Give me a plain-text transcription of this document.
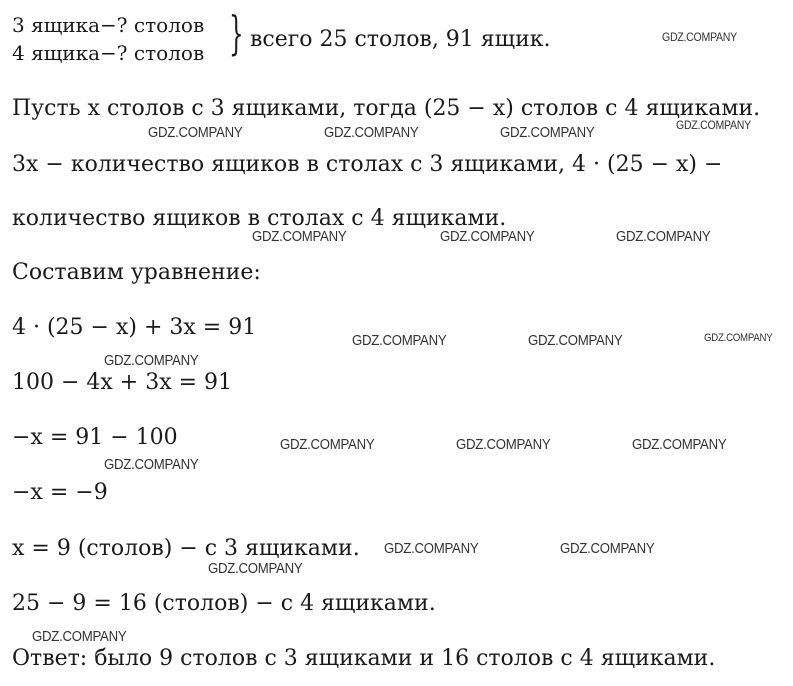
3 ящика−? столов
4 ящика−? столов } всего 25 столов, 91 ящик.
Пусть x столов с 3 ящиками, тогда (25 − x) столов с 4 ящиками.
3x − количество ящиков в столах с 3 ящиками, 4 · (25 − x) −
количество ящиков в столах с 4 ящиками.
Составим уравнение:
4 · (25 − x) + 3x = 91
100 − 4x + 3x = 91
−x = 91 − 100
−x = −9
x = 9 (столов) − с 3 ящиками.
25 − 9 = 16 (столов) − с 4 ящиками.
Ответ: было 9 столов с 3 ящиками и 16 столов с 4 ящиками.
GDZ.COMPANY
GDZ.COMPANY	GDZ.COMPANY	GDZ.COMPANY	GDZ.COMPANY
GDZ.COMPANY	GDZ.COMPANY	GDZ.COMPANY
GDZ.COMPANY	GDZ.COMPANY	GDZ.COMPANY
GDZ.COMPANY
GDZ.COMPANY	GDZ.COMPANY	GDZ.COMPANY
GDZ.COMPANY
GDZ.COMPANY	GDZ.COMPANY
GDZ.COMPANY
GDZ.COMPANY
